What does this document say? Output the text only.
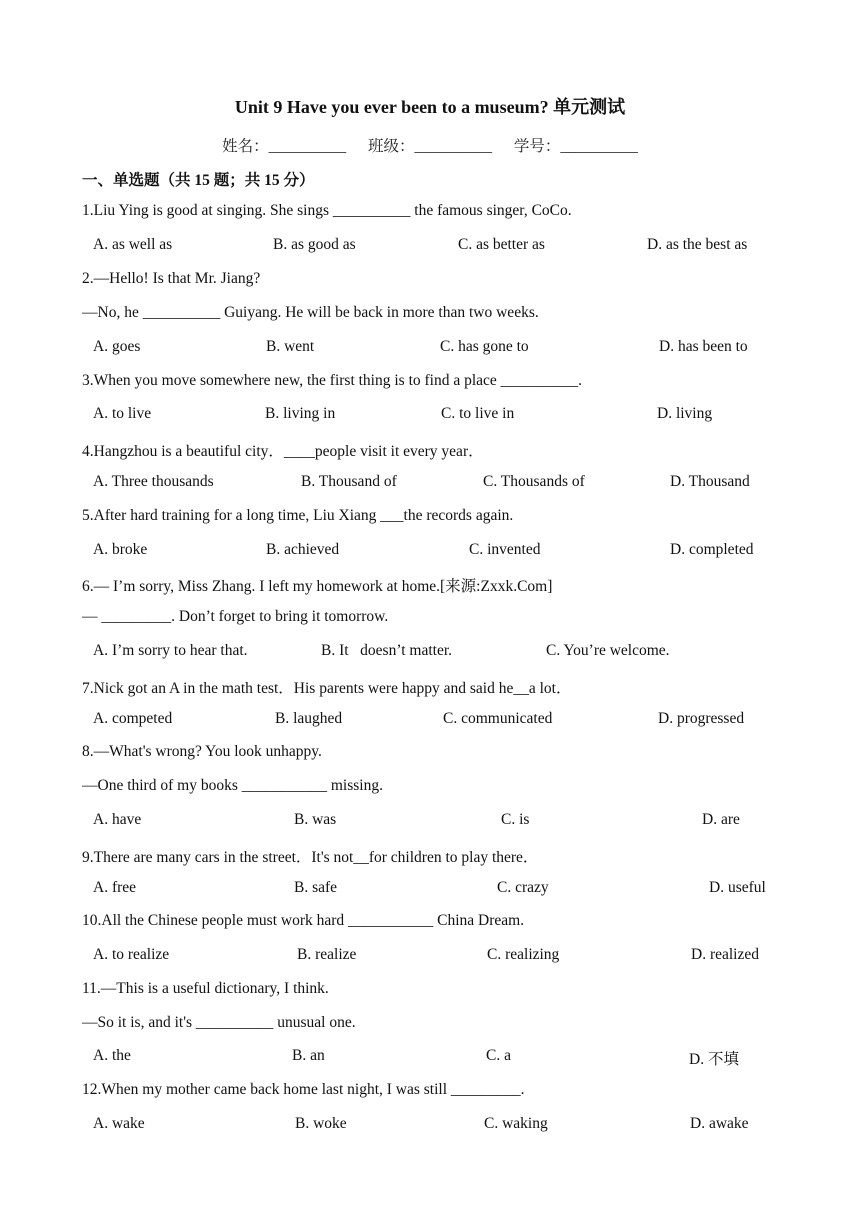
Unit 9 Have you ever been to a museum? 单元测试
姓名：__________ 班级：__________ 学号：__________
一、单选题（共 15 题；共 15 分）
1.Liu Ying is good at singing. She sings __________ the famous singer, CoCo.
A. as well as	B. as good as	C. as better as	D. as the best as
2.—Hello! Is that Mr. Jiang?
—No, he __________ Guiyang. He will be back in more than two weeks.
A. goes	B. went	C. has gone to	D. has been to
3.When you move somewhere new, the first thing is to find a place __________.
A. to live	B. living in	C. to live in	D. living
4.Hangzhou is a beautiful city．____people visit it every year．
A. Three thousands	B. Thousand of	C. Thousands of	D. Thousand
5.After hard training for a long time, Liu Xiang ___the records again.
A. broke	B. achieved	C. invented	D. completed
6.— I’m sorry, Miss Zhang. I left my homework at home.[来源:Zxxk.Com]
— _________. Don’t forget to bring it tomorrow.
A. I’m sorry to hear that.	B. It   doesn’t matter.	C. You’re welcome.
7.Nick got an A in the math test．His parents were happy and said he__a lot．
A. competed	B. laughed	C. communicated	D. progressed
8.—What's wrong? You look unhappy.
—One third of my books ___________ missing.
A. have	B. was	C. is	D. are
9.There are many cars in the street．It's not__for children to play there．
A. free	B. safe	C. crazy	D. useful
10.All the Chinese people must work hard ___________ China Dream.
A. to realize	B. realize	C. realizing	D. realized
11.—This is a useful dictionary, I think.
—So it is, and it's __________ unusual one.
A. the	B. an	C. a	D. 不填
12.When my mother came back home last night, I was still _________.
A. wake	B. woke	C. waking	D. awake
